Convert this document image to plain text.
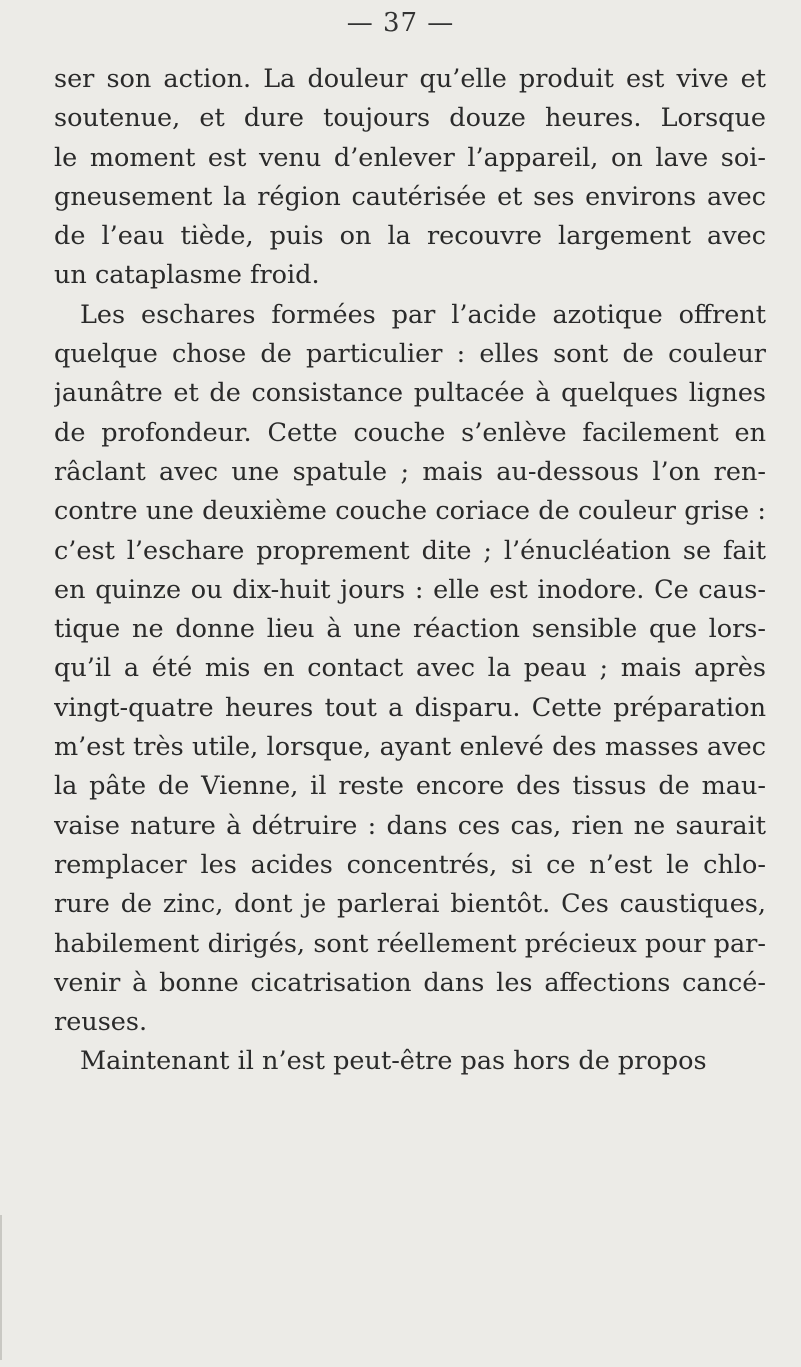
— 37 —
ser son action. La douleur qu’elle produit est vive et
soutenue, et dure toujours douze heures. Lorsque
le moment est venu d’enlever l’appareil, on lave soi-
gneusement la région cautérisée et ses environs avec
de l’eau tiède, puis on la recouvre largement avec
un cataplasme froid.
Les eschares formées par l’acide azotique offrent
quelque chose de particulier : elles sont de couleur
jaunâtre et de consistance pultacée à quelques lignes
de profondeur. Cette couche s’enlève facilement en
râclant avec une spatule ; mais au-dessous l’on ren-
contre une deuxième couche coriace de couleur grise :
c’est l’eschare proprement dite ; l’énucléation se fait
en quinze ou dix-huit jours : elle est inodore. Ce caus-
tique ne donne lieu à une réaction sensible que lors-
qu’il a été mis en contact avec la peau ; mais après
vingt-quatre heures tout a disparu. Cette préparation
m’est très utile, lorsque, ayant enlevé des masses avec
la pâte de Vienne, il reste encore des tissus de mau-
vaise nature à détruire : dans ces cas, rien ne saurait
remplacer les acides concentrés, si ce n’est le chlo-
rure de zinc, dont je parlerai bientôt. Ces caustiques,
habilement dirigés, sont réellement précieux pour par-
venir à bonne cicatrisation dans les affections cancé-
reuses.
Maintenant il n’est peut-être pas hors de propos
